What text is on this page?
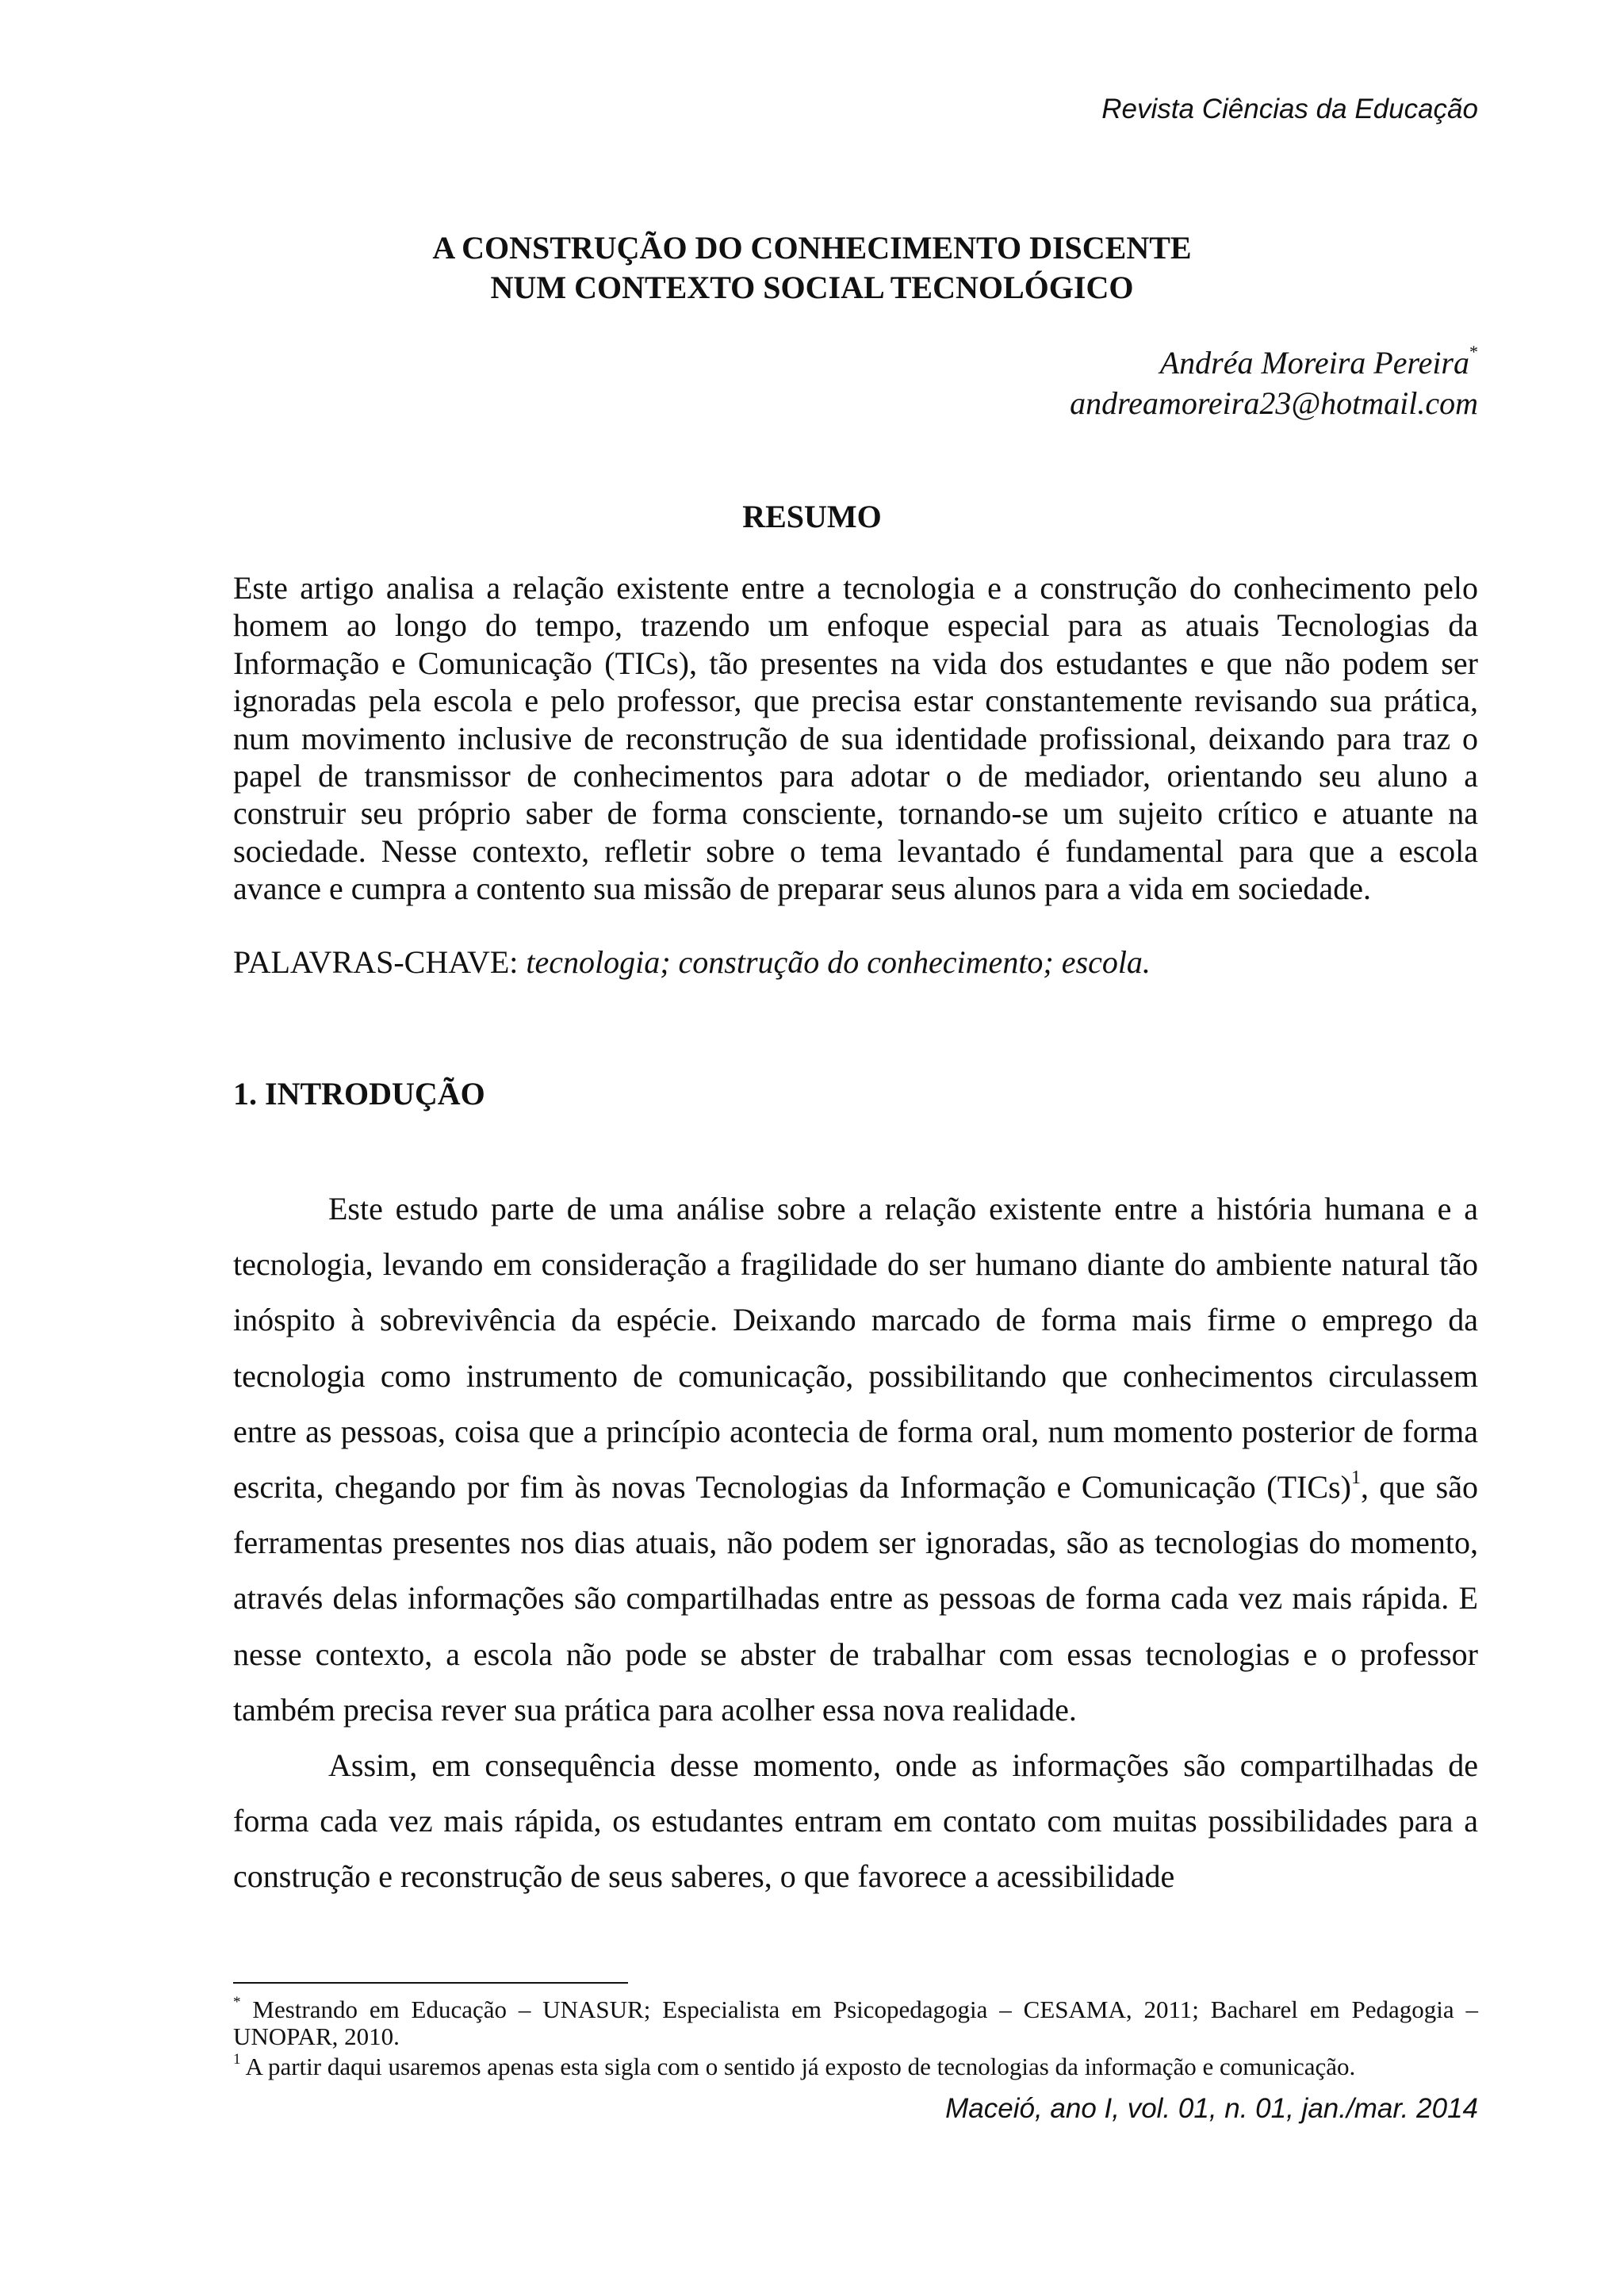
Revista Ciências da Educação
A CONSTRUÇÃO DO CONHECIMENTO DISCENTE
NUM CONTEXTO SOCIAL TECNOLÓGICO
Andréa Moreira Pereira*
andreamoreira23@hotmail.com
RESUMO

Este artigo analisa a relação existente entre a tecnologia e a construção do conhecimento pelo homem ao longo do tempo, trazendo um enfoque especial para as atuais Tecnologias da Informação e Comunicação (TICs), tão presentes na vida dos estudantes e que não podem ser ignoradas pela escola e pelo professor, que precisa estar constantemente revisando sua prática, num movimento inclusive de reconstrução de sua identidade profissional, deixando para traz o papel de transmissor de conhecimentos para adotar o de mediador, orientando seu aluno a construir seu próprio saber de forma consciente, tornando-se um sujeito crítico e atuante na sociedade. Nesse contexto, refletir sobre o tema levantado é fundamental para que a escola avance e cumpra a contento sua missão de preparar seus alunos para a vida em sociedade.

PALAVRAS-CHAVE: tecnologia; construção do conhecimento; escola.
1. INTRODUÇÃO

Este estudo parte de uma análise sobre a relação existente entre a história humana e a tecnologia, levando em consideração a fragilidade do ser humano diante do ambiente natural tão inóspito à sobrevivência da espécie. Deixando marcado de forma mais firme o emprego da tecnologia como instrumento de comunicação, possibilitando que conhecimentos circulassem entre as pessoas, coisa que a princípio acontecia de forma oral, num momento posterior de forma escrita, chegando por fim às novas Tecnologias da Informação e Comunicação (TICs)$^1$, que são ferramentas presentes nos dias atuais, não podem ser ignoradas, são as tecnologias do momento, através delas informações são compartilhadas entre as pessoas de forma cada vez mais rápida. E nesse contexto, a escola não pode se abster de trabalhar com essas tecnologias e o professor também precisa rever sua prática para acolher essa nova realidade.

Assim, em consequência desse momento, onde as informações são compartilhadas de forma cada vez mais rápida, os estudantes entram em contato com muitas possibilidades para a construção e reconstrução de seus saberes, o que favorece a acessibilidade

* Mestrando em Educação – UNASUR; Especialista em Psicopedagogia – CESAMA, 2011; Bacharel em Pedagogia – UNOPAR, 2010.

$^1$ A partir daqui usaremos apenas esta sigla com o sentido já exposto de tecnologias da informação e comunicação.

Maceió, ano I, vol. 01, n. 01, jan./mar. 2014
